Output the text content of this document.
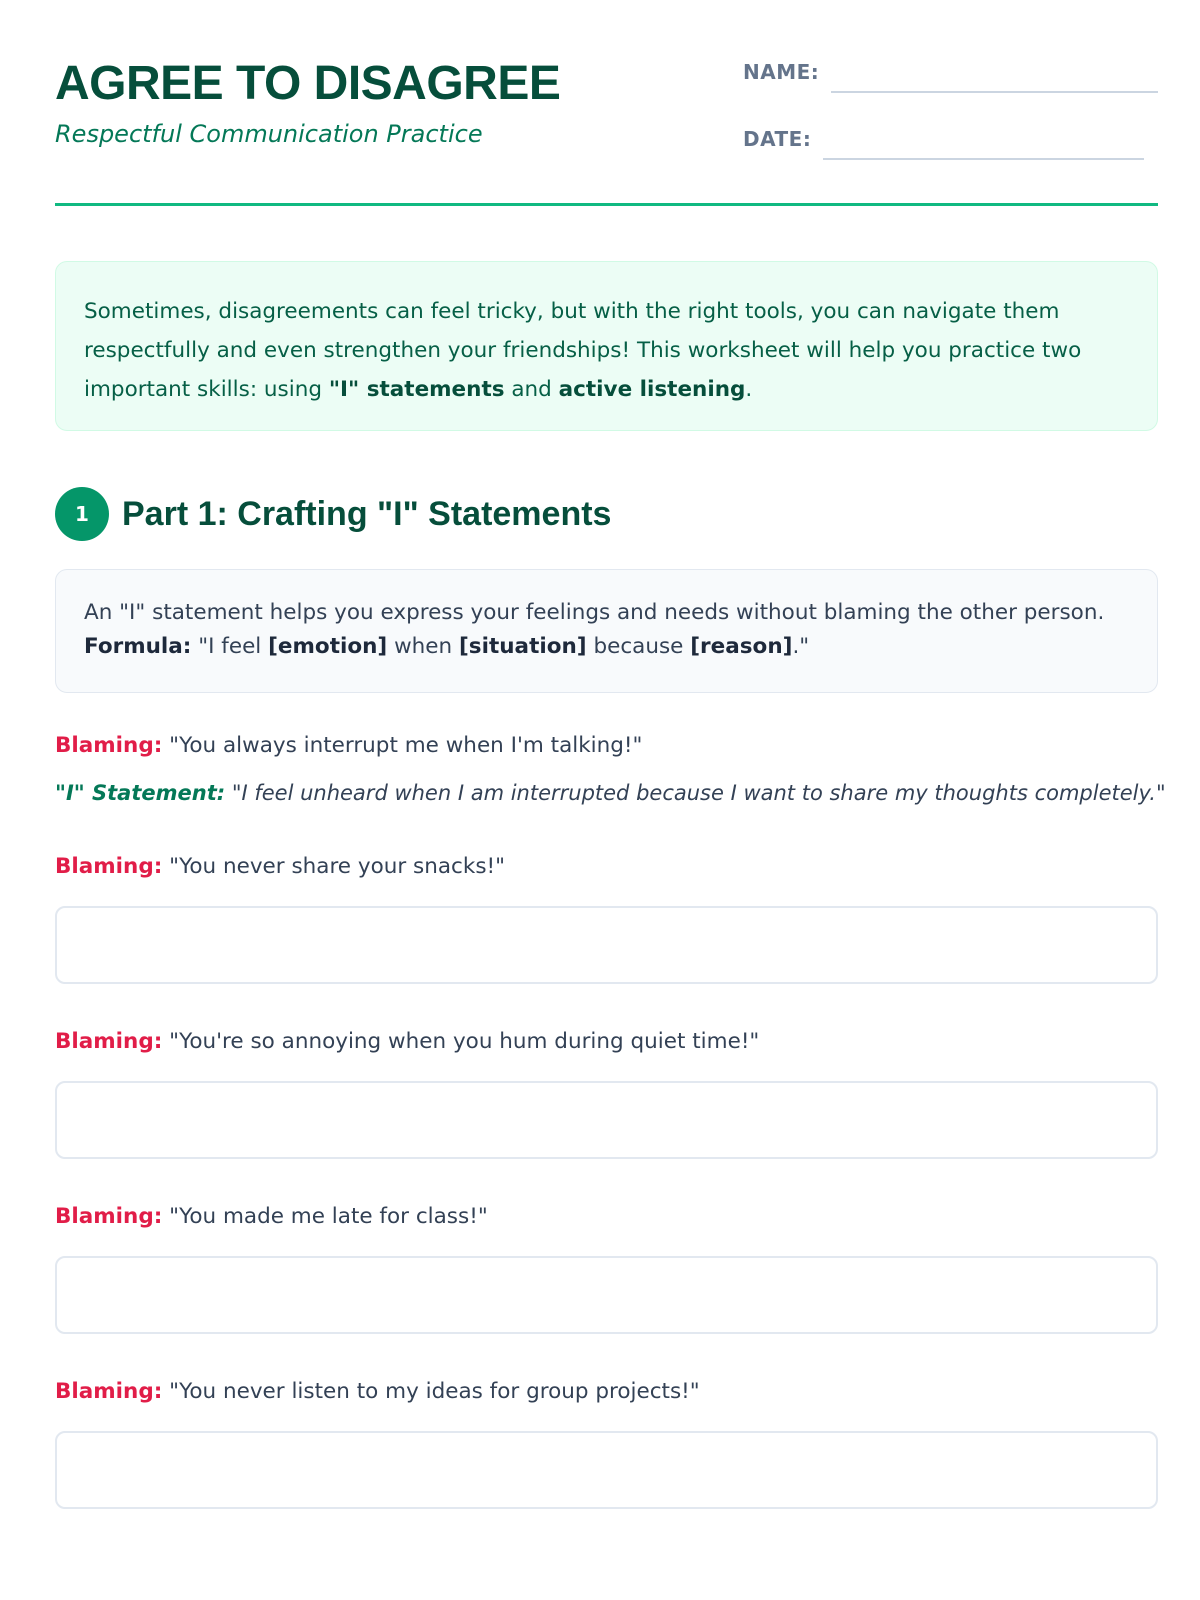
AGREE TO DISAGREE

Respectful Communication Practice

NAME:
DATE:
Sometimes, disagreements can feel tricky, but with the right tools, you can navigate them respectfully and even strengthen your friendships! This worksheet will help you practice two important skills: using "I" statements and active listening.
1 Part 1: Crafting "I" Statements
An "I" statement helps you express your feelings and needs without blaming the other person.
Formula: "I feel [emotion] when [situation] because [reason]."
Blaming: "You always interrupt me when I'm talking!"
"I" Statement: "I feel unheard when I am interrupted because I want to share my thoughts completely."
Blaming: "You never share your snacks!"
Blaming: "You're so annoying when you hum during quiet time!"
Blaming: "You made me late for class!"
Blaming: "You never listen to my ideas for group projects!"
